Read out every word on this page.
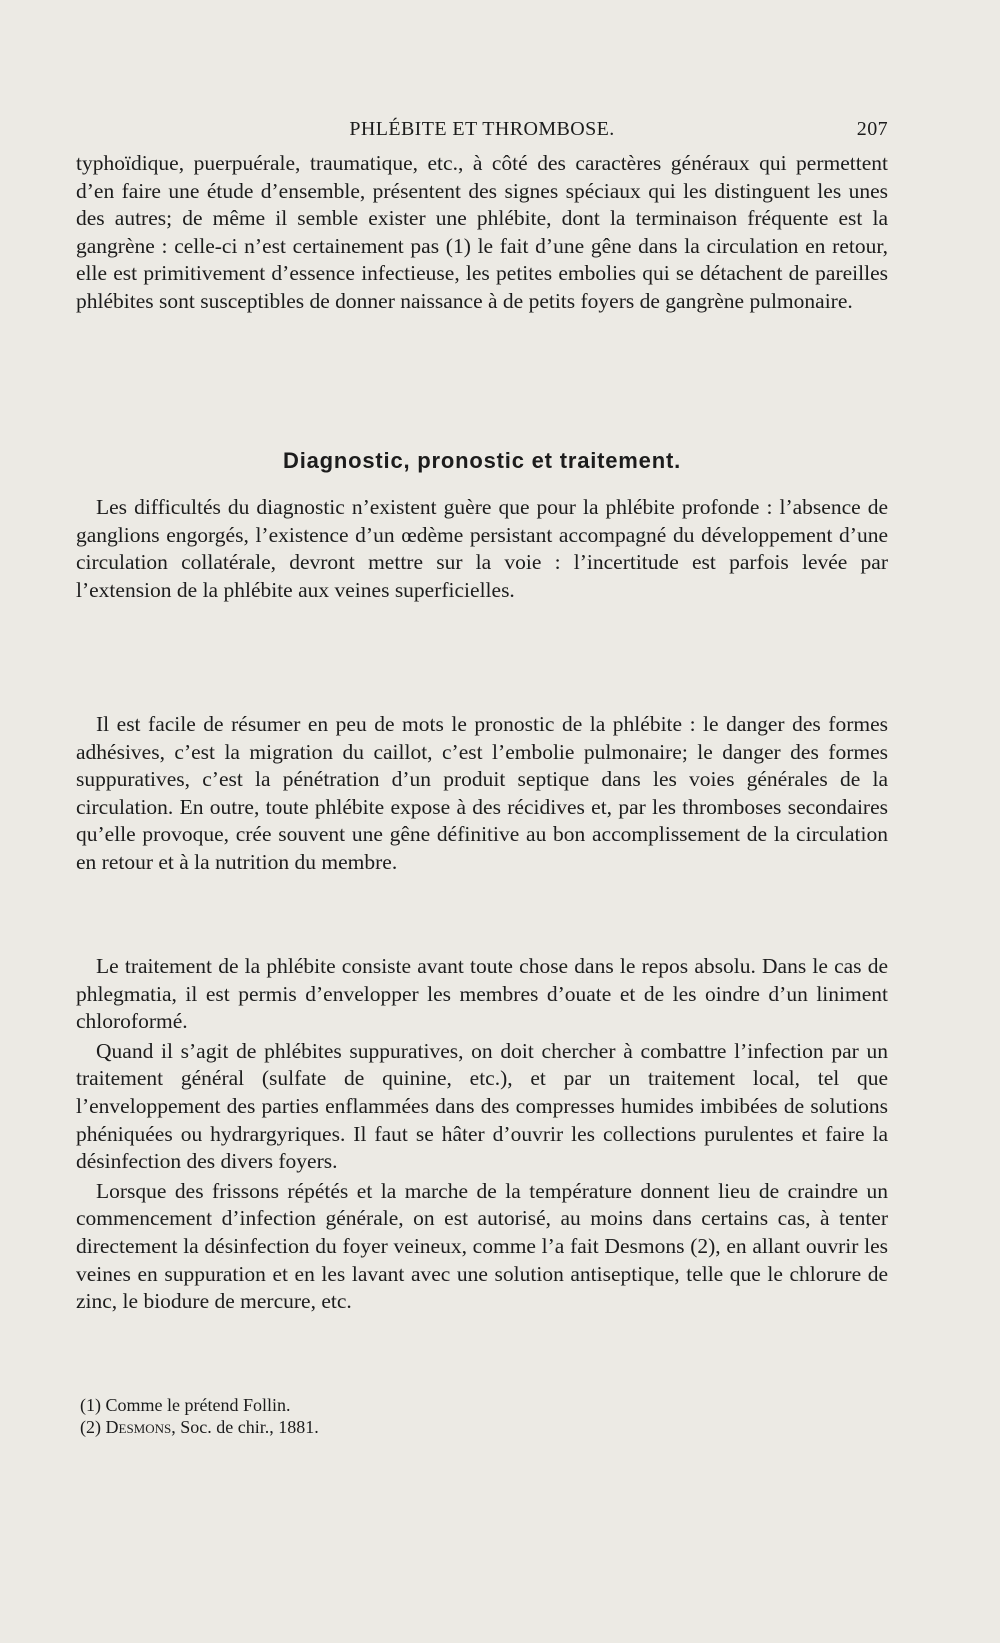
PHLÉBITE ET THROMBOSE.	207

typhoïdique, puerpuérale, traumatique, etc., à côté des caractères généraux qui permettent d’en faire une étude d’ensemble, présentent des signes spéciaux qui les distinguent les unes des autres; de même il semble exister une phlébite, dont la terminaison fréquente est la gangrène : celle-ci n’est certainement pas (1) le fait d’une gêne dans la circulation en retour, elle est primitivement d’essence infectieuse, les petites embolies qui se détachent de pareilles phlébites sont susceptibles de donner naissance à de petits foyers de gangrène pulmonaire.

Diagnostic, pronostic et traitement.

Les difficultés du diagnostic n’existent guère que pour la phlébite profonde : l’absence de ganglions engorgés, l’existence d’un œdème persistant accompagné du développement d’une circulation collatérale, devront mettre sur la voie : l’incertitude est parfois levée par l’extension de la phlébite aux veines superficielles.

Il est facile de résumer en peu de mots le pronostic de la phlébite : le danger des formes adhésives, c’est la migration du caillot, c’est l’embolie pulmonaire; le danger des formes suppuratives, c’est la pénétration d’un produit septique dans les voies générales de la circulation. En outre, toute phlébite expose à des récidives et, par les thromboses secondaires qu’elle provoque, crée souvent une gêne définitive au bon accomplissement de la circulation en retour et à la nutrition du membre.

Le traitement de la phlébite consiste avant toute chose dans le repos absolu. Dans le cas de phlegmatia, il est permis d’envelopper les membres d’ouate et de les oindre d’un liniment chloroformé.

Quand il s’agit de phlébites suppuratives, on doit chercher à combattre l’infection par un traitement général (sulfate de quinine, etc.), et par un traitement local, tel que l’enveloppement des parties enflammées dans des compresses humides imbibées de solutions phéniquées ou hydrargyriques. Il faut se hâter d’ouvrir les collections purulentes et faire la désinfection des divers foyers.

Lorsque des frissons répétés et la marche de la température donnent lieu de craindre un commencement d’infection générale, on est autorisé, au moins dans certains cas, à tenter directement la désinfection du foyer veineux, comme l’a fait Desmons (2), en allant ouvrir les veines en suppuration et en les lavant avec une solution antiseptique, telle que le chlorure de zinc, le biodure de mercure, etc.

(1) Comme le prétend Follin.
(2) Desmons, Soc. de chir., 1881.
